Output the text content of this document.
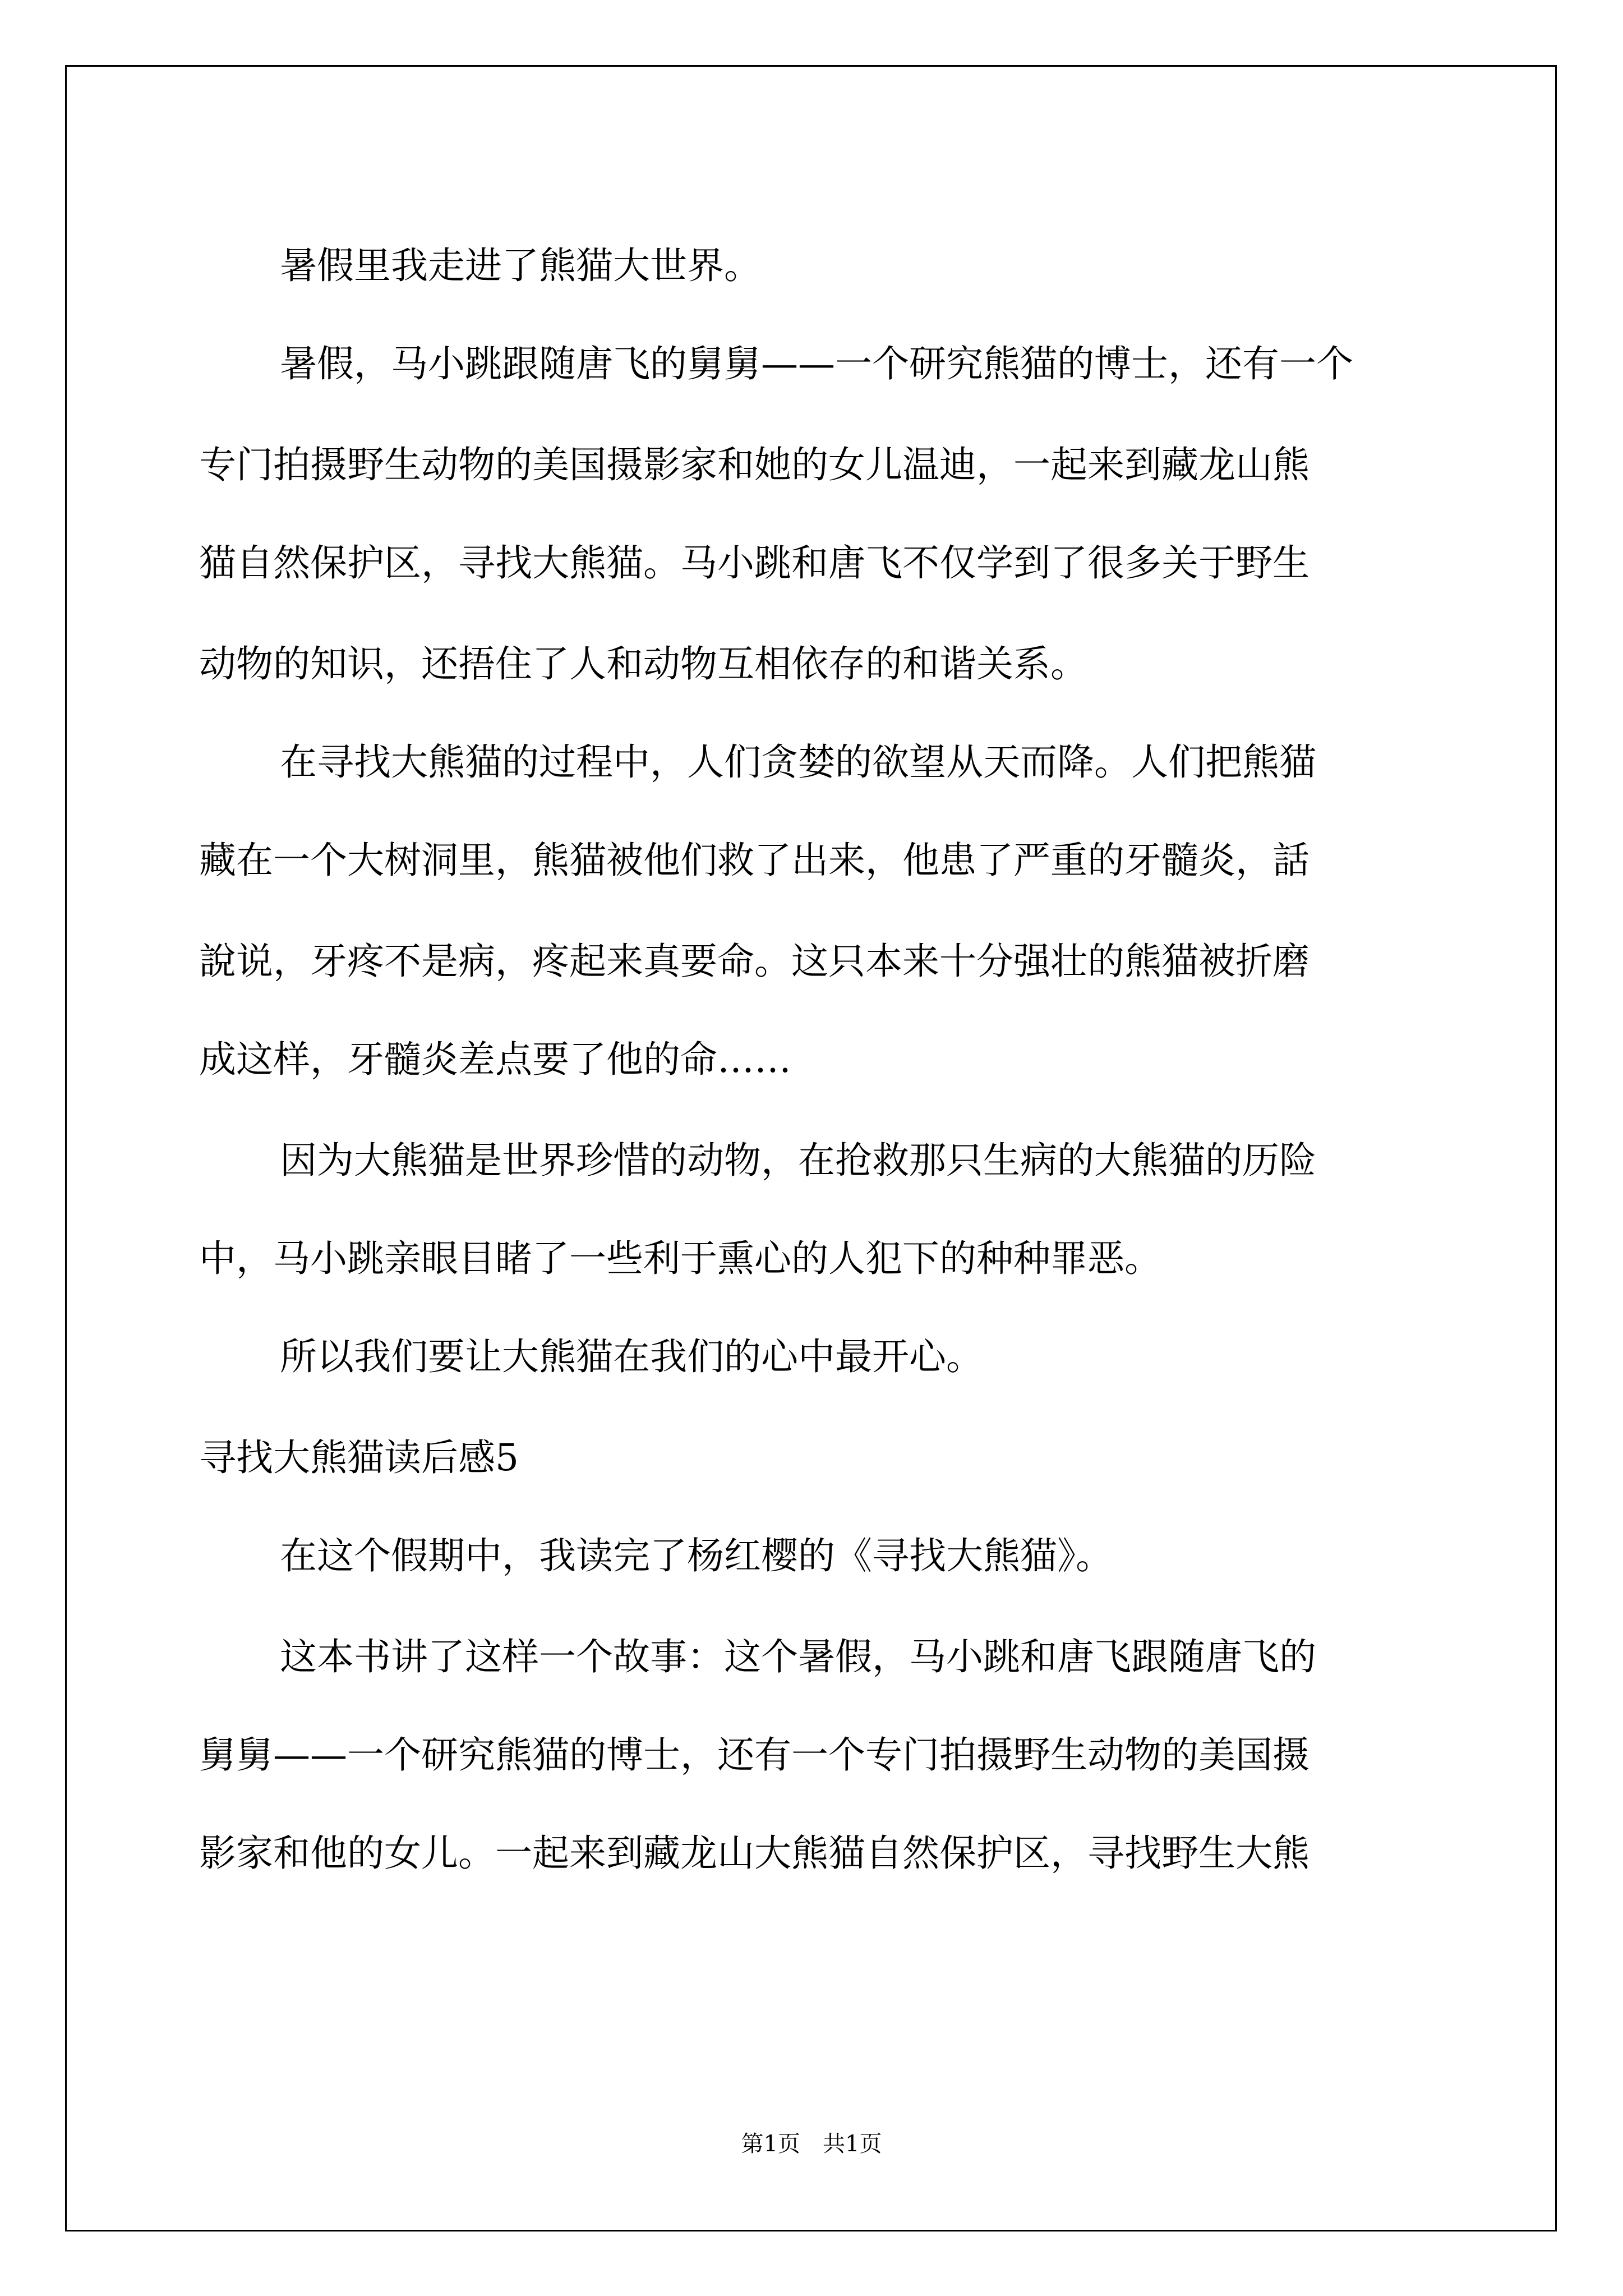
暑假里我走进了熊猫大世界。
暑假，马小跳跟随唐飞的舅舅——一个研究熊猫的博士，还有一个
专门拍摄野生动物的美国摄影家和她的女儿温迪，一起来到藏龙山熊
猫自然保护区，寻找大熊猫。马小跳和唐飞不仅学到了很多关于野生
动物的知识，还捂住了人和动物互相依存的和谐关系。
在寻找大熊猫的过程中，人们贪婪的欲望从天而降。人们把熊猫
藏在一个大树洞里，熊猫被他们救了出来，他患了严重的牙髓炎，話
說说，牙疼不是病，疼起来真要命。这只本来十分强壮的熊猫被折磨
成这样，牙髓炎差点要了他的命……
因为大熊猫是世界珍惜的动物，在抢救那只生病的大熊猫的历险
中，马小跳亲眼目睹了一些利于熏心的人犯下的种种罪恶。
所以我们要让大熊猫在我们的心中最开心。
寻找大熊猫读后感5
在这个假期中，我读完了杨红樱的《寻找大熊猫》。
这本书讲了这样一个故事：这个暑假，马小跳和唐飞跟随唐飞的
舅舅——一个研究熊猫的博士，还有一个专门拍摄野生动物的美国摄
影家和他的女儿。一起来到藏龙山大熊猫自然保护区，寻找野生大熊
第1页　共1页
